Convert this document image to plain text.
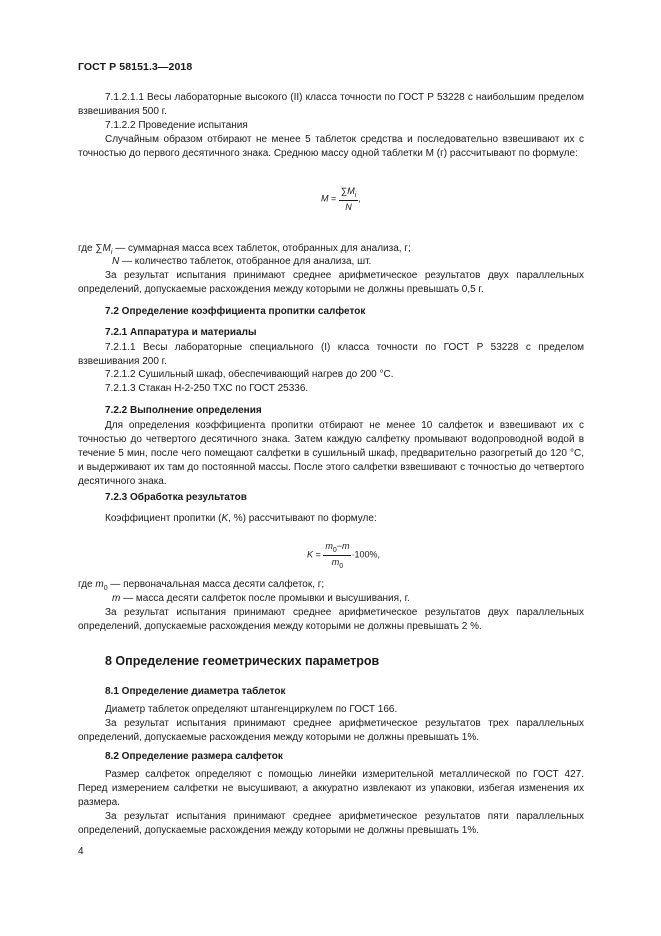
ГОСТ Р 58151.3—2018
7.1.2.1.1 Весы лабораторные высокого (II) класса точности по ГОСТ Р 53228 с наибольшим пределом взвешивания 500 г.
7.1.2.2 Проведение испытания
Случайным образом отбирают не менее 5 таблеток средства и последовательно взвешивают их с точностью до первого десятичного знака. Среднюю массу одной таблетки М (г) рассчитывают по формуле:
$M = \frac{\sum M_i}{N}$ ,
где $\sum M_i$ — суммарная масса всех таблеток, отобранных для анализа, г;
N — количество таблеток, отобранное для анализа, шт.
За результат испытания принимают среднее арифметическое результатов двух параллельных определений, допускаемые расхождения между которыми не должны превышать 0,5 г.
7.2 Определение коэффициента пропитки салфеток
7.2.1 Аппаратура и материалы
7.2.1.1 Весы лабораторные специального (I) класса точности по ГОСТ Р 53228 с пределом взвешивания 200 г.
7.2.1.2 Сушильный шкаф, обеспечивающий нагрев до 200 °С.
7.2.1.3 Стакан Н-2-250 ТХС по ГОСТ 25336.
7.2.2 Выполнение определения
Для определения коэффициента пропитки отбирают не менее 10 салфеток и взвешивают их с точностью до четвертого десятичного знака. Затем каждую салфетку промывают водопроводной водой в течение 5 мин, после чего помещают салфетки в сушильный шкаф, предварительно разогретый до 120 °С, и выдерживают их там до постоянной массы. После этого салфетки взвешивают с точностью до четвертого десятичного знака.
7.2.3 Обработка результатов
Коэффициент пропитки (K, %) рассчитывают по формуле:
$K = \frac{m_0-m}{m_0} \cdot 100\%$,
где $m_0$ — первоначальная масса десяти салфеток, г;
m — масса десяти салфеток после промывки и высушивания, г.
За результат испытания принимают среднее арифметическое результатов двух параллельных определений, допускаемые расхождения между которыми не должны превышать 2 %.
8 Определение геометрических параметров
8.1 Определение диаметра таблеток
Диаметр таблеток определяют штангенциркулем по ГОСТ 166.
За результат испытания принимают среднее арифметическое результатов трех параллельных определений, допускаемые расхождения между которыми не должны превышать 1%.
8.2 Определение размера салфеток
Размер салфеток определяют с помощью линейки измерительной металлической по ГОСТ 427. Перед измерением салфетки не высушивают, а аккуратно извлекают из упаковки, избегая изменения их размера.
За результат испытания принимают среднее арифметическое результатов пяти параллельных определений, допускаемые расхождения между которыми не должны превышать 1%.
4
